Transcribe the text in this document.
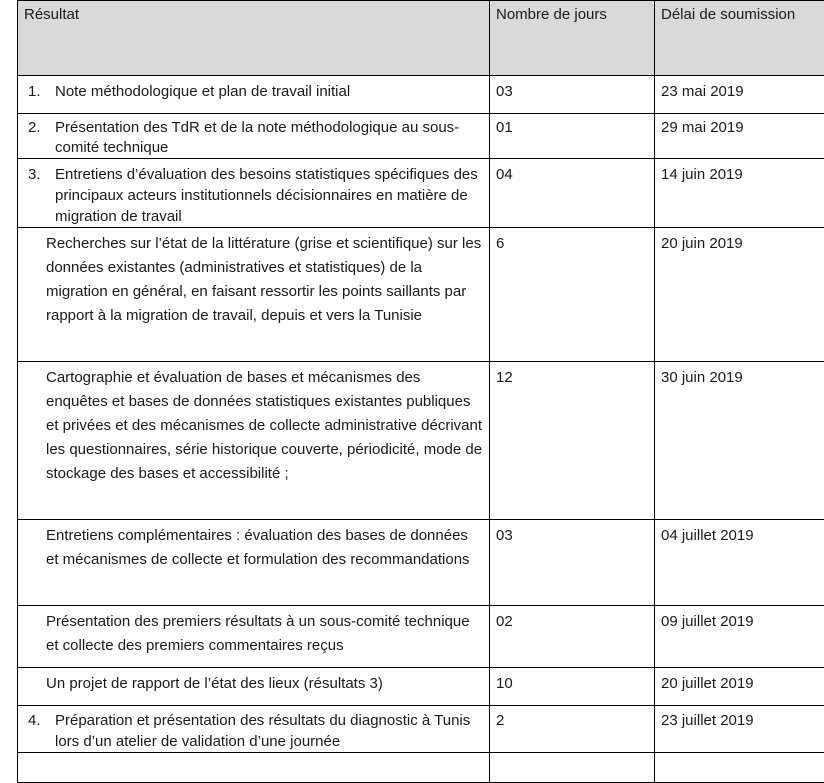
Résultat	Nombre de jours	Délai de soumission

1. Note méthodologique et plan de travail initial	03	23 mai 2019

2. Présentation des TdR et de la note méthodologique au sous-comité technique	01	29 mai 2019

3. Entretiens d’évaluation des besoins statistiques spécifiques des principaux acteurs institutionnels décisionnaires en matière de migration de travail	04	14 juin 2019
Recherches sur l’état de la littérature (grise et scientifique) sur les données existantes (administratives et statistiques) de la migration en général, en faisant ressortir les points saillants par rapport à la migration de travail, depuis et vers la Tunisie	6	20 juin 2019
Cartographie et évaluation de bases et mécanismes des enquêtes et bases de données statistiques existantes publiques et privées et des mécanismes de collecte administrative décrivant les questionnaires, série historique couverte, périodicité, mode de stockage des bases et accessibilité ;	12	30 juin 2019
Entretiens complémentaires : évaluation des bases de données et mécanismes de collecte et formulation des recommandations	03	04 juillet 2019
Présentation des premiers résultats à un sous-comité technique et collecte des premiers commentaires reçus	02	09 juillet 2019
Un projet de rapport de l’état des lieux (résultats 3)	10	20 juillet 2019

4. Préparation et présentation des résultats du diagnostic à Tunis lors d’un atelier de validation d’une journée	2	23 juillet 2019
